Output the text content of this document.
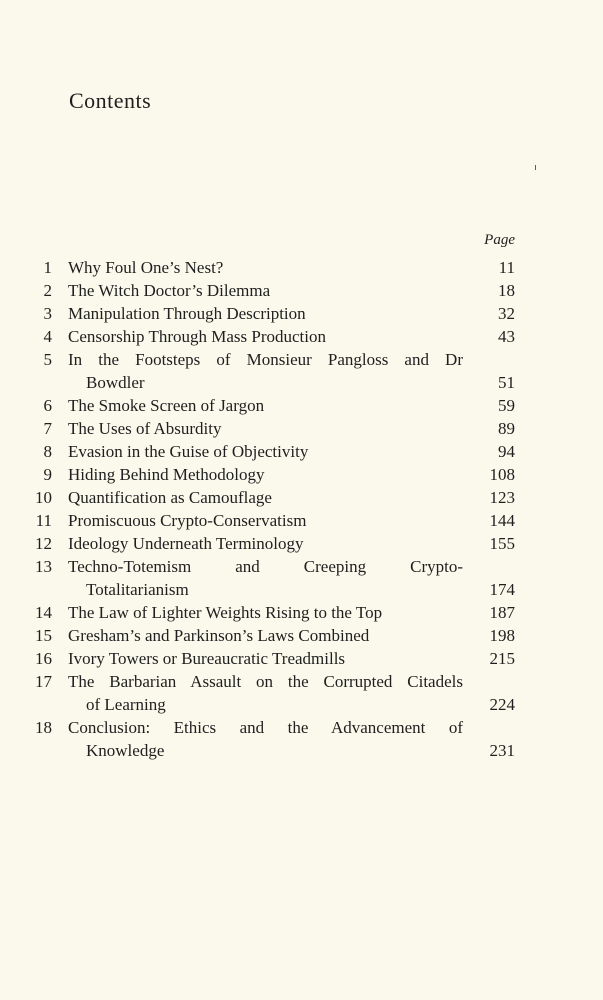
Contents
Page
1 Why Foul One’s Nest?	11
2 The Witch Doctor’s Dilemma	18
3 Manipulation Through Description	32
4 Censorship Through Mass Production	43
5 In the Footsteps of Monsieur Pangloss and Dr
Bowdler	51
6 The Smoke Screen of Jargon	59
7 The Uses of Absurdity	89
8 Evasion in the Guise of Objectivity	94
9 Hiding Behind Methodology	108
10 Quantification as Camouflage	123
11 Promiscuous Crypto-Conservatism	144
12 Ideology Underneath Terminology	155
13 Techno-Totemism and Creeping Crypto-
Totalitarianism	174
14 The Law of Lighter Weights Rising to the Top	187
15 Gresham’s and Parkinson’s Laws Combined	198
16 Ivory Towers or Bureaucratic Treadmills	215
17 The Barbarian Assault on the Corrupted Citadels
of Learning	224
18 Conclusion: Ethics and the Advancement of
Knowledge	231
